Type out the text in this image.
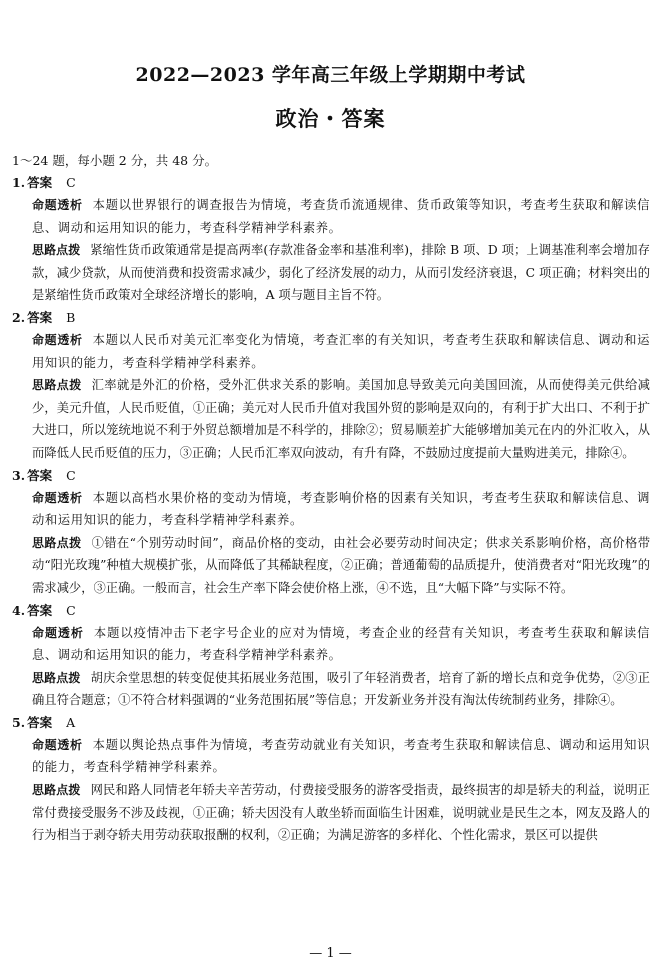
2022—2023 学年高三年级上学期期中考试
政治・答案
1～24 题，每小题 2 分，共 48 分。
1. 答案 C

命题透析 本题以世界银行的调查报告为情境，考查货币流通规律、货币政策等知识，考查考生获取和解读信息、调动和运用知识的能力，考查科学精神学科素养。

思路点拨 紧缩性货币政策通常是提高两率(存款准备金率和基准利率)，排除 B 项、D 项；上调基准利率会增加存款，减少贷款，从而使消费和投资需求减少，弱化了经济发展的动力，从而引发经济衰退，C 项正确；材料突出的是紧缩性货币政策对全球经济增长的影响，A 项与题目主旨不符。

2. 答案 B

命题透析 本题以人民币对美元汇率变化为情境，考查汇率的有关知识，考查考生获取和解读信息、调动和运用知识的能力，考查科学精神学科素养。

思路点拨 汇率就是外汇的价格，受外汇供求关系的影响。美国加息导致美元向美国回流，从而使得美元供给减少，美元升值，人民币贬值，①正确；美元对人民币升值对我国外贸的影响是双向的，有利于扩大出口、不利于扩大进口，所以笼统地说不利于外贸总额增加是不科学的，排除②；贸易顺差扩大能够增加美元在内的外汇收入，从而降低人民币贬值的压力，③正确；人民币汇率双向波动，有升有降，不鼓励过度提前大量购进美元，排除④。

3. 答案 C

命题透析 本题以高档水果价格的变动为情境，考查影响价格的因素有关知识，考查考生获取和解读信息、调动和运用知识的能力，考查科学精神学科素养。

思路点拨 ①错在“个别劳动时间”，商品价格的变动，由社会必要劳动时间决定；供求关系影响价格，高价格带动“阳光玫瑰”种植大规模扩张，从而降低了其稀缺程度，②正确；普通葡萄的品质提升，使消费者对“阳光玫瑰”的需求减少，③正确。一般而言，社会生产率下降会使价格上涨，④不选，且“大幅下降”与实际不符。

4. 答案 C

命题透析 本题以疫情冲击下老字号企业的应对为情境，考查企业的经营有关知识，考查考生获取和解读信息、调动和运用知识的能力，考查科学精神学科素养。

思路点拨 胡庆余堂思想的转变促使其拓展业务范围，吸引了年轻消费者，培育了新的增长点和竞争优势，②③正确且符合题意；①不符合材料强调的“业务范围拓展”等信息；开发新业务并没有淘汰传统制药业务，排除④。

5. 答案 A

命题透析 本题以舆论热点事件为情境，考查劳动就业有关知识，考查考生获取和解读信息、调动和运用知识的能力，考查科学精神学科素养。

思路点拨 网民和路人同情老年轿夫辛苦劳动，付费接受服务的游客受指责，最终损害的却是轿夫的利益，说明正常付费接受服务不涉及歧视，①正确；轿夫因没有人敢坐轿而面临生计困难，说明就业是民生之本，网友及路人的行为相当于剥夺轿夫用劳动获取报酬的权利，②正确；为满足游客的多样化、个性化需求，景区可以提供

— 1 —
